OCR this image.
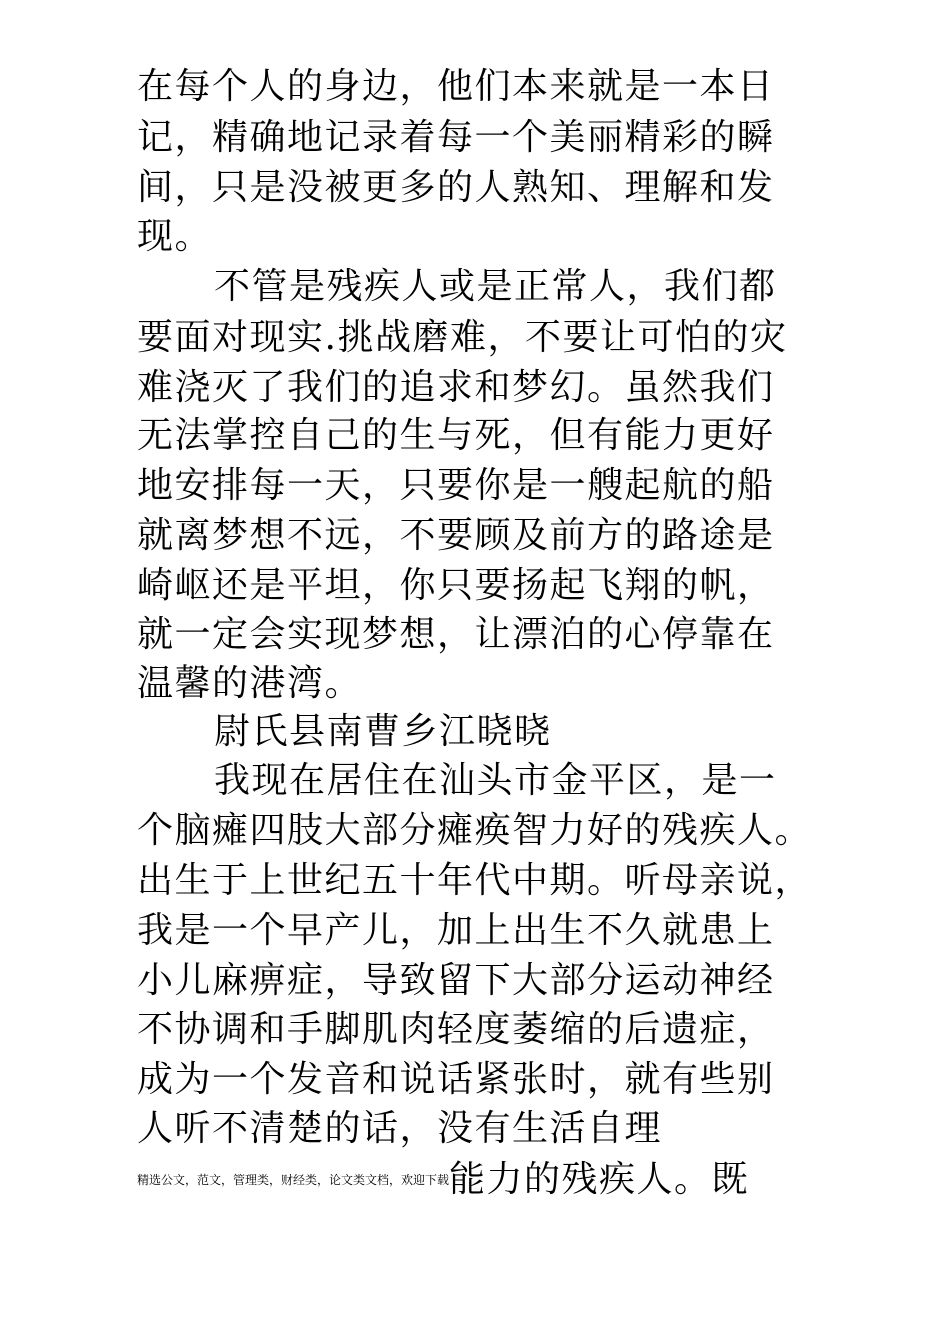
在每个人的身边，他们本来就是一本日
记，精确地记录着每一个美丽精彩的瞬
间，只是没被更多的人熟知、理解和发
现。
不管是残疾人或是正常人，我们都
要面对现实.挑战磨难，不要让可怕的灾
难浇灭了我们的追求和梦幻。虽然我们
无法掌控自己的生与死，但有能力更好
地安排每一天，只要你是一艘起航的船
就离梦想不远，不要顾及前方的路途是
崎岖还是平坦，你只要扬起飞翔的帆，
就一定会实现梦想，让漂泊的心停靠在
温馨的港湾。
尉氏县南曹乡江晓晓
我现在居住在汕头市金平区，是一
个脑瘫四肢大部分瘫痪智力好的残疾人。
出生于上世纪五十年代中期。听母亲说，
我是一个早产儿，加上出生不久就患上
小儿麻痹症，导致留下大部分运动神经
不协调和手脚肌肉轻度萎缩的后遗症，
成为一个发音和说话紧张时，就有些别
人听不清楚的话，没有生活自理
精选公文，范文，管理类，财经类，论文类文档，欢迎下载能力的残疾人。既
